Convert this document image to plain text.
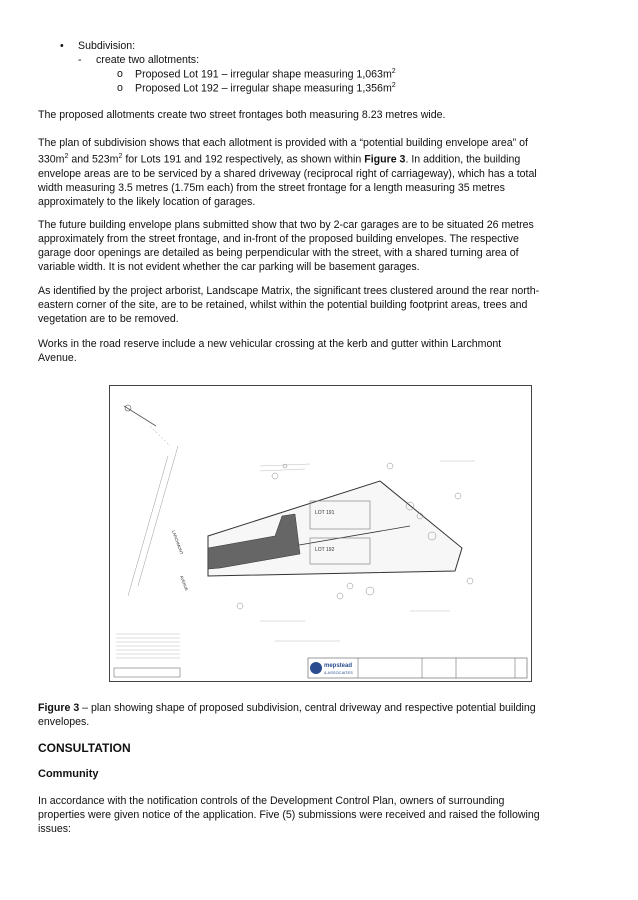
• Subdivision:
- create two allotments:
o Proposed Lot 191 – irregular shape measuring $1,063m^2$
o Proposed Lot 192 – irregular shape measuring $1,356m^2$
The proposed allotments create two street frontages both measuring 8.23 metres wide.
The plan of subdivision shows that each allotment is provided with a “potential building envelope area” of
$330m^2$ and $523m^2$ for Lots 191 and 192 respectively, as shown within Figure 3. In addition, the building
envelope areas are to be serviced by a shared driveway (reciprocal right of carriageway), which has a total
width measuring 3.5 metres (1.75m each) from the street frontage for a length measuring 35 metres
approximately to the likely location of garages.
The future building envelope plans submitted show that two by 2-car garages are to be situated 26 metres
approximately from the street frontage, and in-front of the proposed building envelopes. The respective
garage door openings are detailed as being perpendicular with the street, with a shared turning area of
variable width. It is not evident whether the car parking will be basement garages.
As identified by the project arborist, Landscape Matrix, the significant trees clustered around the rear north-
eastern corner of the site, are to be retained, whilst within the potential building footprint areas, trees and
vegetation are to be removed.
Works in the road reserve include a new vehicular crossing at the kerb and gutter within Larchmont
Avenue.
LOT 191
LOT 192
LARCHMONT
AVENUE
mepstead
& ASSOCIATES
Figure 3 – plan showing shape of proposed subdivision, central driveway and respective potential building
envelopes.
CONSULTATION
Community
In accordance with the notification controls of the Development Control Plan, owners of surrounding
properties were given notice of the application. Five (5) submissions were received and raised the following
issues:
